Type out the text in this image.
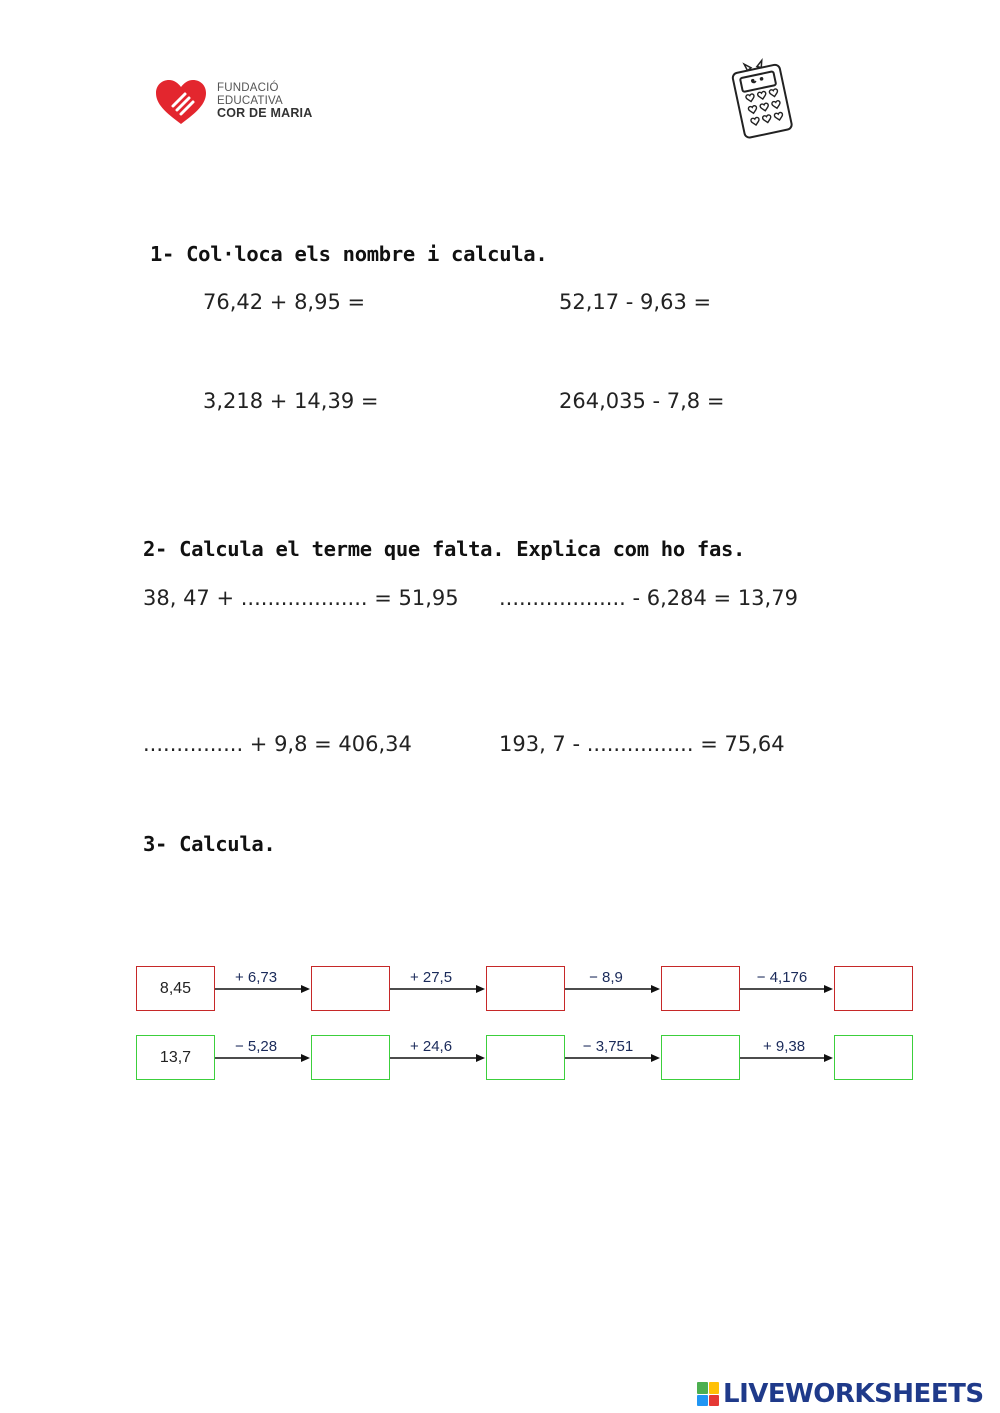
FUNDACIÓ
EDUCATIVA
COR DE MARIA
1- Col·loca els nombre i calcula.
76,42 + 8,95 =	52,17 - 9,63 =
3,218 + 14,39 =	264,035 - 7,8 =
2- Calcula el terme que falta. Explica com ho fas.
38, 47 + ................... = 51,95 ................... - 6,284 = 13,79
............... + 9,8 = 406,34	193, 7 - ................ = 75,64
3- Calcula.
8,45
+ 6,73	+ 27,5	− 8,9	− 4,176
13,7
− 5,28	+ 24,6	− 3,751	+ 9,38
LIVEWORKSHEETS
